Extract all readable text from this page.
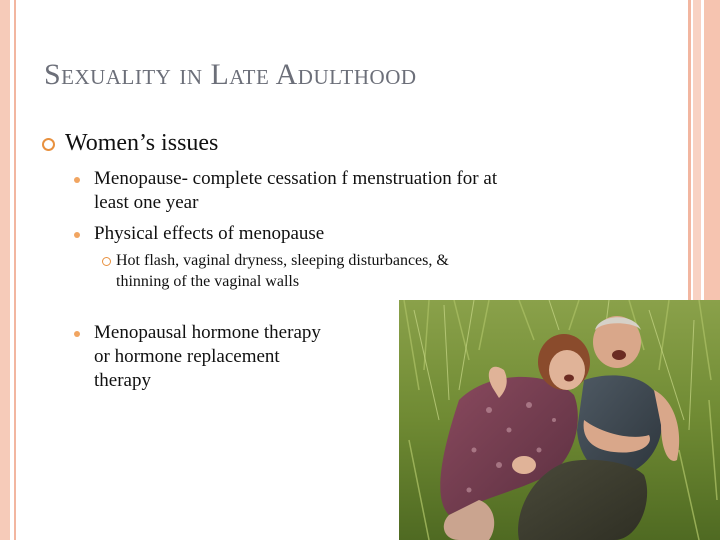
Sexuality in Late Adulthood
Women’s issues
Menopause- complete cessation f menstruation for at
least one year
Physical effects of menopause
Hot flash, vaginal dryness, sleeping disturbances, &
thinning of the vaginal walls
Menopausal hormone therapy
or hormone replacement
therapy
